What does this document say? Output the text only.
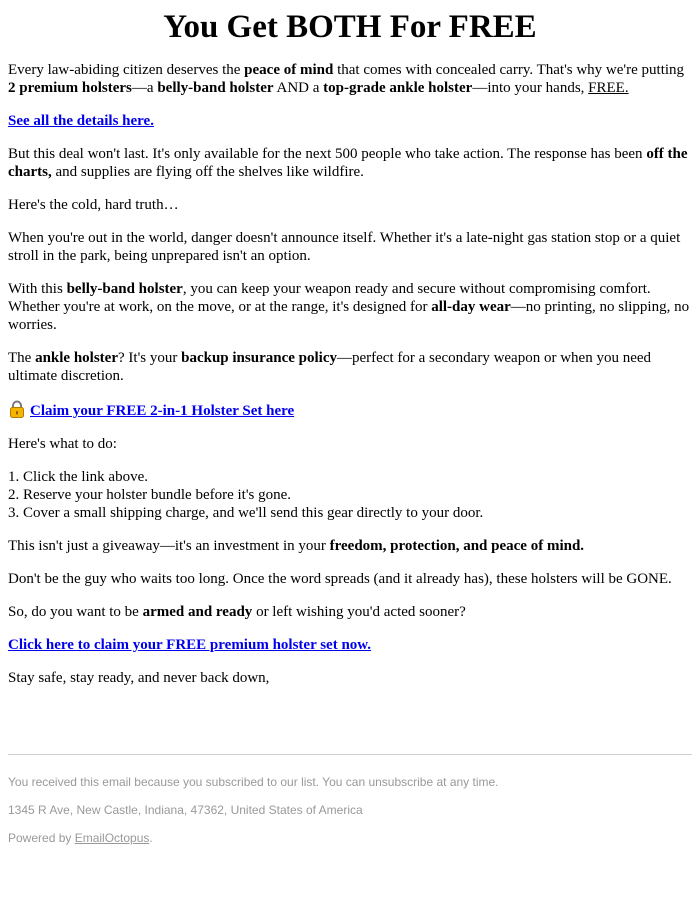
You Get BOTH For FREE

Every law-abiding citizen deserves the peace of mind that comes with concealed carry. That's why we're putting 2 premium holsters—a belly-band holster AND a top-grade ankle holster—into your hands, FREE.

See all the details here.

But this deal won't last. It's only available for the next 500 people who take action. The response has been off the charts, and supplies are flying off the shelves like wildfire.

Here's the cold, hard truth…

When you're out in the world, danger doesn't announce itself. Whether it's a late-night gas station stop or a quiet stroll in the park, being unprepared isn't an option.

With this belly-band holster, you can keep your weapon ready and secure without compromising comfort. Whether you're at work, on the move, or at the range, it's designed for all-day wear—no printing, no slipping, no worries.

The ankle holster? It's your backup insurance policy—perfect for a secondary weapon or when you need ultimate discretion.

Claim your FREE 2-in-1 Holster Set here

Here's what to do:

1. Click the link above.
2. Reserve your holster bundle before it's gone.
3. Cover a small shipping charge, and we'll send this gear directly to your door.

This isn't just a giveaway—it's an investment in your freedom, protection, and peace of mind.

Don't be the guy who waits too long. Once the word spreads (and it already has), these holsters will be GONE.

So, do you want to be armed and ready or left wishing you'd acted sooner?

Click here to claim your FREE premium holster set now.

Stay safe, stay ready, and never back down,

You received this email because you subscribed to our list. You can unsubscribe at any time.

1345 R Ave, New Castle, Indiana, 47362, United States of America

Powered by EmailOctopus.
